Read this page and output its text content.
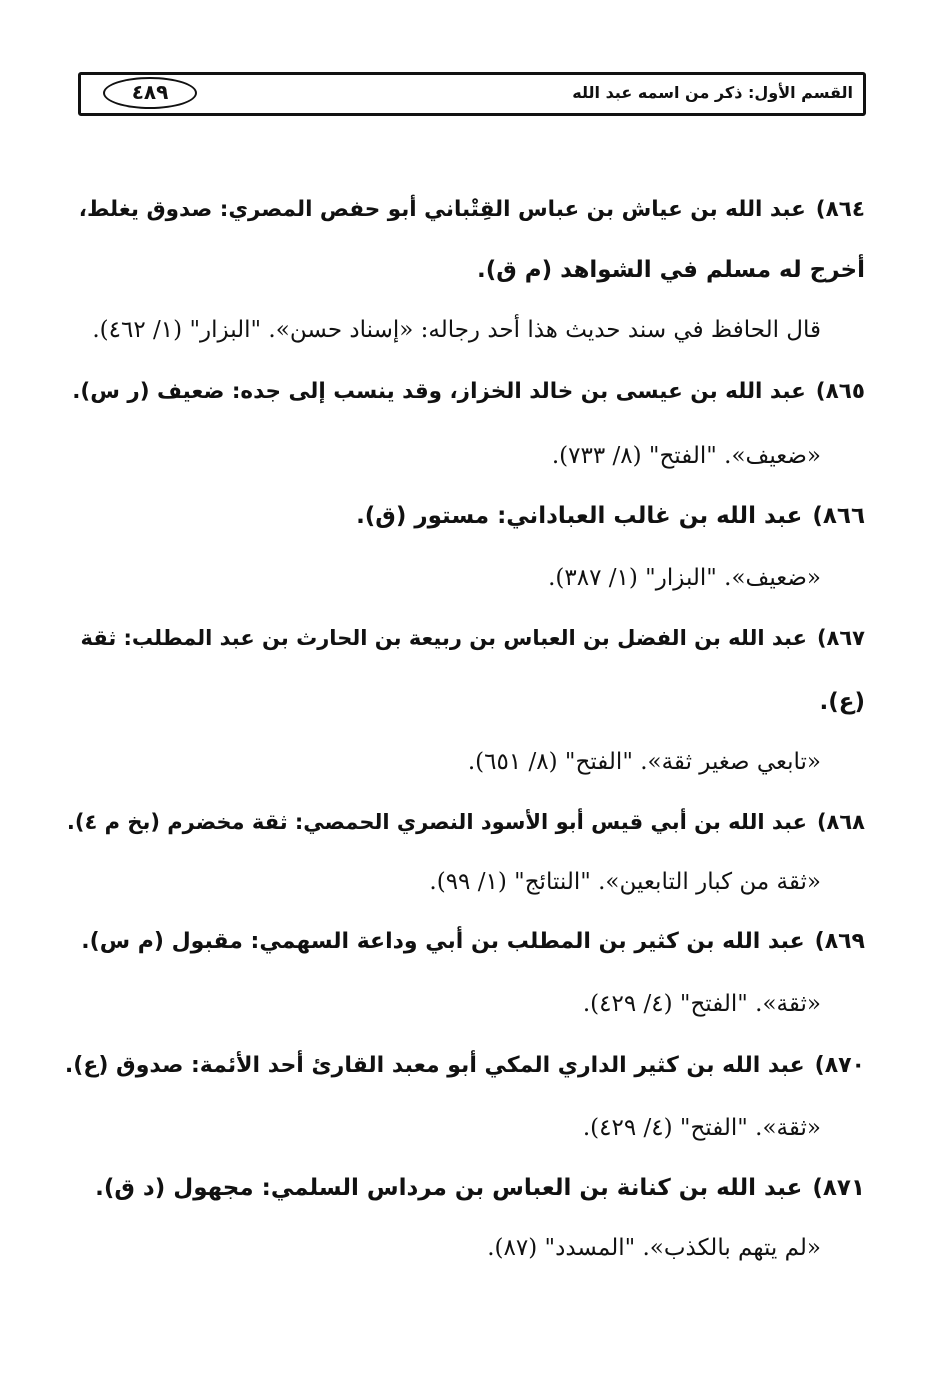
القسم الأول: ذكر من اسمه عبد الله
٤٨٩
٨٦٤)عبد الله بن عياش بن عباس القِتْباني أبو حفص المصري: صدوق يغلط،
أخرج له مسلم في الشواهد (م ق).
قال الحافظ في سند حديث هذا أحد رجاله: «إسناد حسن». "البزار" (١/ ٤٦٢).
٨٦٥)عبد الله بن عيسى بن خالد الخزاز، وقد ينسب إلى جده: ضعيف (ر س).
«ضعيف». "الفتح" (٨/ ٧٣٣).
٨٦٦)عبد الله بن غالب العباداني: مستور (ق).
«ضعيف». "البزار" (١/ ٣٨٧).
٨٦٧)عبد الله بن الفضل بن العباس بن ربيعة بن الحارث بن عبد المطلب: ثقة
(ع).
«تابعي صغير ثقة». "الفتح" (٨/ ٦٥١).
٨٦٨)عبد الله بن أبي قيس أبو الأسود النصري الحمصي: ثقة مخضرم (بخ م ٤).
«ثقة من كبار التابعين». "النتائج" (١/ ٩٩).
٨٦٩)عبد الله بن كثير بن المطلب بن أبي وداعة السهمي: مقبول (م س).
«ثقة». "الفتح" (٤/ ٤٢٩).
٨٧٠)عبد الله بن كثير الداري المكي أبو معبد القارئ أحد الأئمة: صدوق (ع).
«ثقة». "الفتح" (٤/ ٤٢٩).
٨٧١)عبد الله بن كنانة بن العباس بن مرداس السلمي: مجهول (د ق).
«لم يتهم بالكذب». "المسدد" (٨٧).
